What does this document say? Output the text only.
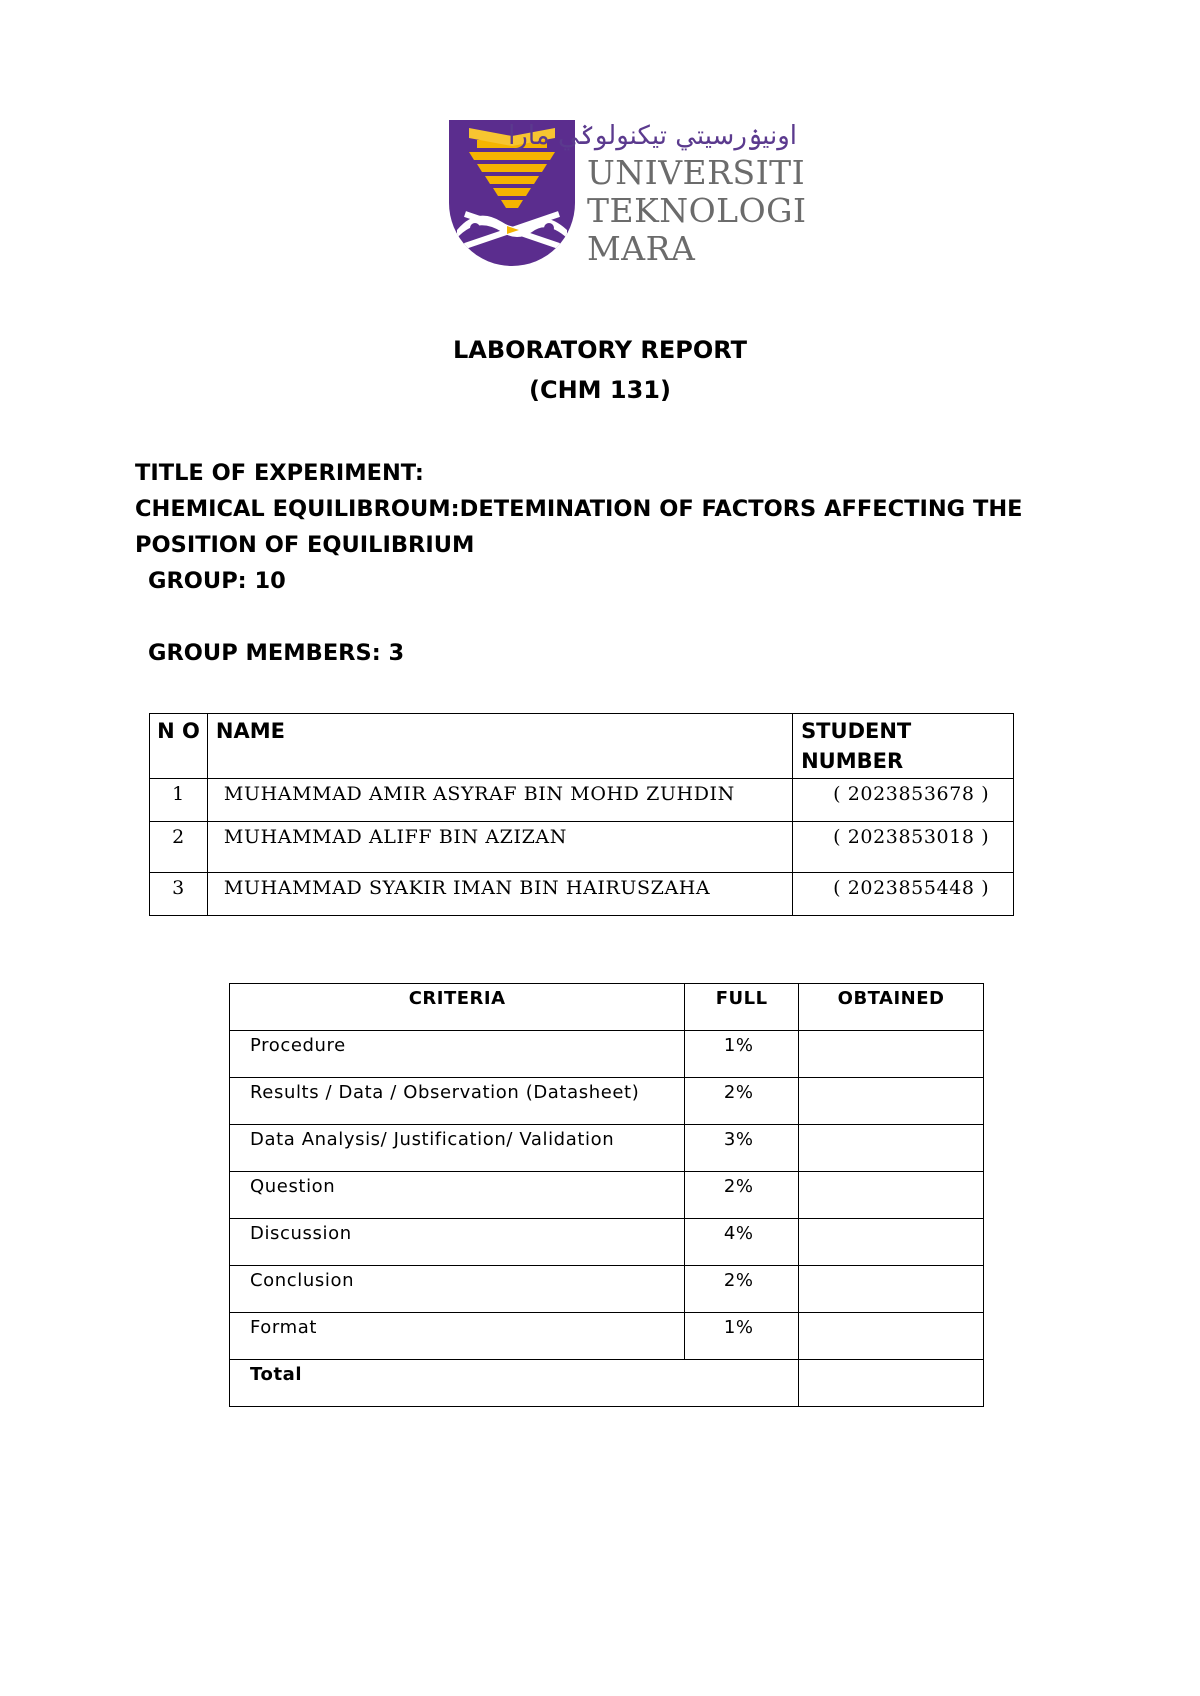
اونيۏرسيتي تيکنولوݢي مارا
UNIVERSITI
TEKNOLOGI
MARA
LABORATORY REPORT
(CHM 131)
TITLE OF EXPERIMENT:
CHEMICAL EQUILIBROUM:DETEMINATION OF FACTORS AFFECTING THE
POSITION OF EQUILIBRIUM
GROUP: 10
GROUP MEMBERS: 3
N O	NAME	STUDENT NUMBER
1	MUHAMMAD AMIR ASYRAF BIN MOHD ZUHDIN	( 2023853678 )
2	MUHAMMAD ALIFF BIN AZIZAN	( 2023853018 )
3	MUHAMMAD SYAKIR IMAN BIN HAIRUSZAHA	( 2023855448 )
CRITERIA	FULL	OBTAINED
Procedure	1%	
Results / Data / Observation (Datasheet)	2%	
Data Analysis/ Justification/ Validation	3%	
Question	2%	
Discussion	4%	
Conclusion	2%	
Format	1%	
Total		
